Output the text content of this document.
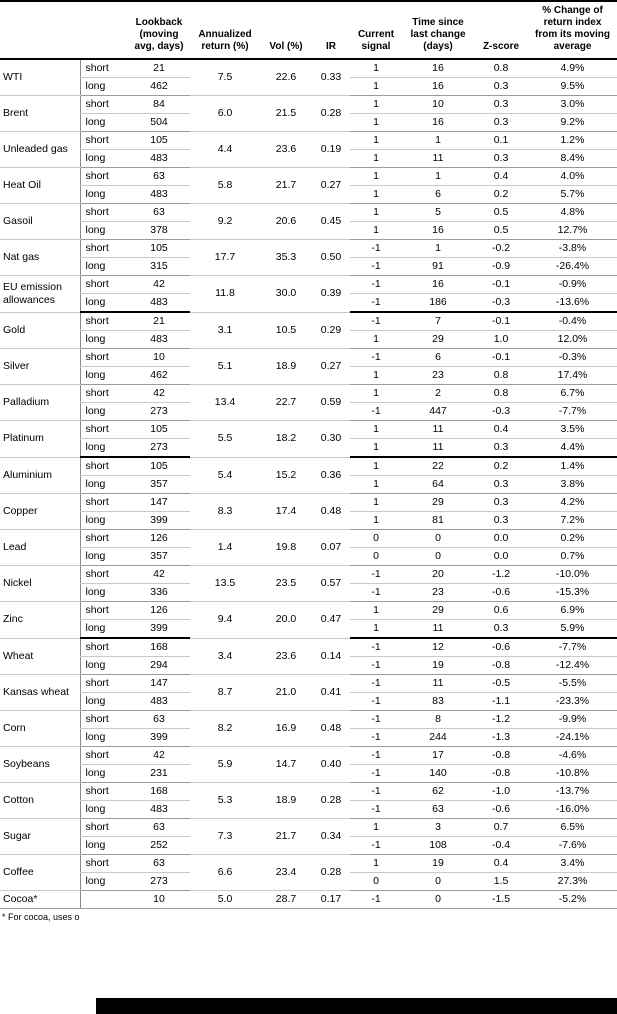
		Lookback (moving avg, days)	Annualized return (%)	Vol (%)	IR	Current signal	Time since last change (days)	Z-score	% Change of return index from its moving average
WTI	short	21	7.5	22.6	0.33	1	16	0.8	4.9%
	long	462				1	16	0.3	9.5%
Brent	short	84	6.0	21.5	0.28	1	10	0.3	3.0%
	long	504				1	16	0.3	9.2%
Unleaded gas	short	105	4.4	23.6	0.19	1	1	0.1	1.2%
	long	483				1	11	0.3	8.4%
Heat Oil	short	63	5.8	21.7	0.27	1	1	0.4	4.0%
	long	483				1	6	0.2	5.7%
Gasoil	short	63	9.2	20.6	0.45	1	5	0.5	4.8%
	long	378				1	16	0.5	12.7%
Nat gas	short	105	17.7	35.3	0.50	-1	1	-0.2	-3.8%
	long	315				-1	91	-0.9	-26.4%
EU emission allowances	short	42	11.8	30.0	0.39	-1	16	-0.1	-0.9%
	long	483				-1	186	-0.3	-13.6%
Gold	short	21	3.1	10.5	0.29	-1	7	-0.1	-0.4%
	long	483				1	29	1.0	12.0%
Silver	short	10	5.1	18.9	0.27	-1	6	-0.1	-0.3%
	long	462				1	23	0.8	17.4%
Palladium	short	42	13.4	22.7	0.59	1	2	0.8	6.7%
	long	273				-1	447	-0.3	-7.7%
Platinum	short	105	5.5	18.2	0.30	1	11	0.4	3.5%
	long	273				1	11	0.3	4.4%
Aluminium	short	105	5.4	15.2	0.36	1	22	0.2	1.4%
	long	357				1	64	0.3	3.8%
Copper	short	147	8.3	17.4	0.48	1	29	0.3	4.2%
	long	399				1	81	0.3	7.2%
Lead	short	126	1.4	19.8	0.07	0	0	0.0	0.2%
	long	357				0	0	0.0	0.7%
Nickel	short	42	13.5	23.5	0.57	-1	20	-1.2	-10.0%
	long	336				-1	23	-0.6	-15.3%
Zinc	short	126	9.4	20.0	0.47	1	29	0.6	6.9%
	long	399				1	11	0.3	5.9%
Wheat	short	168	3.4	23.6	0.14	-1	12	-0.6	-7.7%
	long	294				-1	19	-0.8	-12.4%
Kansas wheat	short	147	8.7	21.0	0.41	-1	11	-0.5	-5.5%
	long	483				-1	83	-1.1	-23.3%
Corn	short	63	8.2	16.9	0.48	-1	8	-1.2	-9.9%
	long	399				-1	244	-1.3	-24.1%
Soybeans	short	42	5.9	14.7	0.40	-1	17	-0.8	-4.6%
	long	231				-1	140	-0.8	-10.8%
Cotton	short	168	5.3	18.9	0.28	-1	62	-1.0	-13.7%
	long	483				-1	63	-0.6	-16.0%
Sugar	short	63	7.3	21.7	0.34	1	3	0.7	6.5%
	long	252				-1	108	-0.4	-7.6%
Coffee	short	63	6.6	23.4	0.28	1	19	0.4	3.4%
	long	273				0	0	1.5	27.3%
Cocoa*		10	5.0	28.7	0.17	-1	0	-1.5	-5.2%
* For cocoa, uses o
